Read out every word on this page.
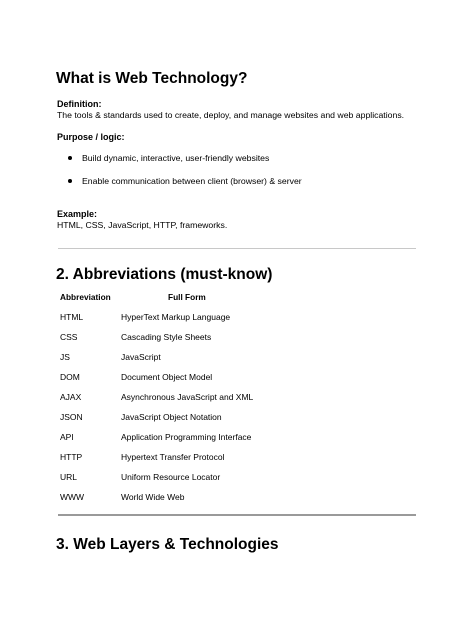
What is Web Technology?
Definition:
The tools & standards used to create, deploy, and manage websites and web applications.
Purpose / logic:
Build dynamic, interactive, user-friendly websites
Enable communication between client (browser) & server
Example:
HTML, CSS, JavaScript, HTTP, frameworks.
2. Abbreviations (must-know)
Abbreviation	Full Form
HTML	HyperText Markup Language
CSS	Cascading Style Sheets
JS	JavaScript
DOM	Document Object Model
AJAX	Asynchronous JavaScript and XML
JSON	JavaScript Object Notation
API	Application Programming Interface
HTTP	Hypertext Transfer Protocol
URL	Uniform Resource Locator
WWW	World Wide Web
3. Web Layers & Technologies
